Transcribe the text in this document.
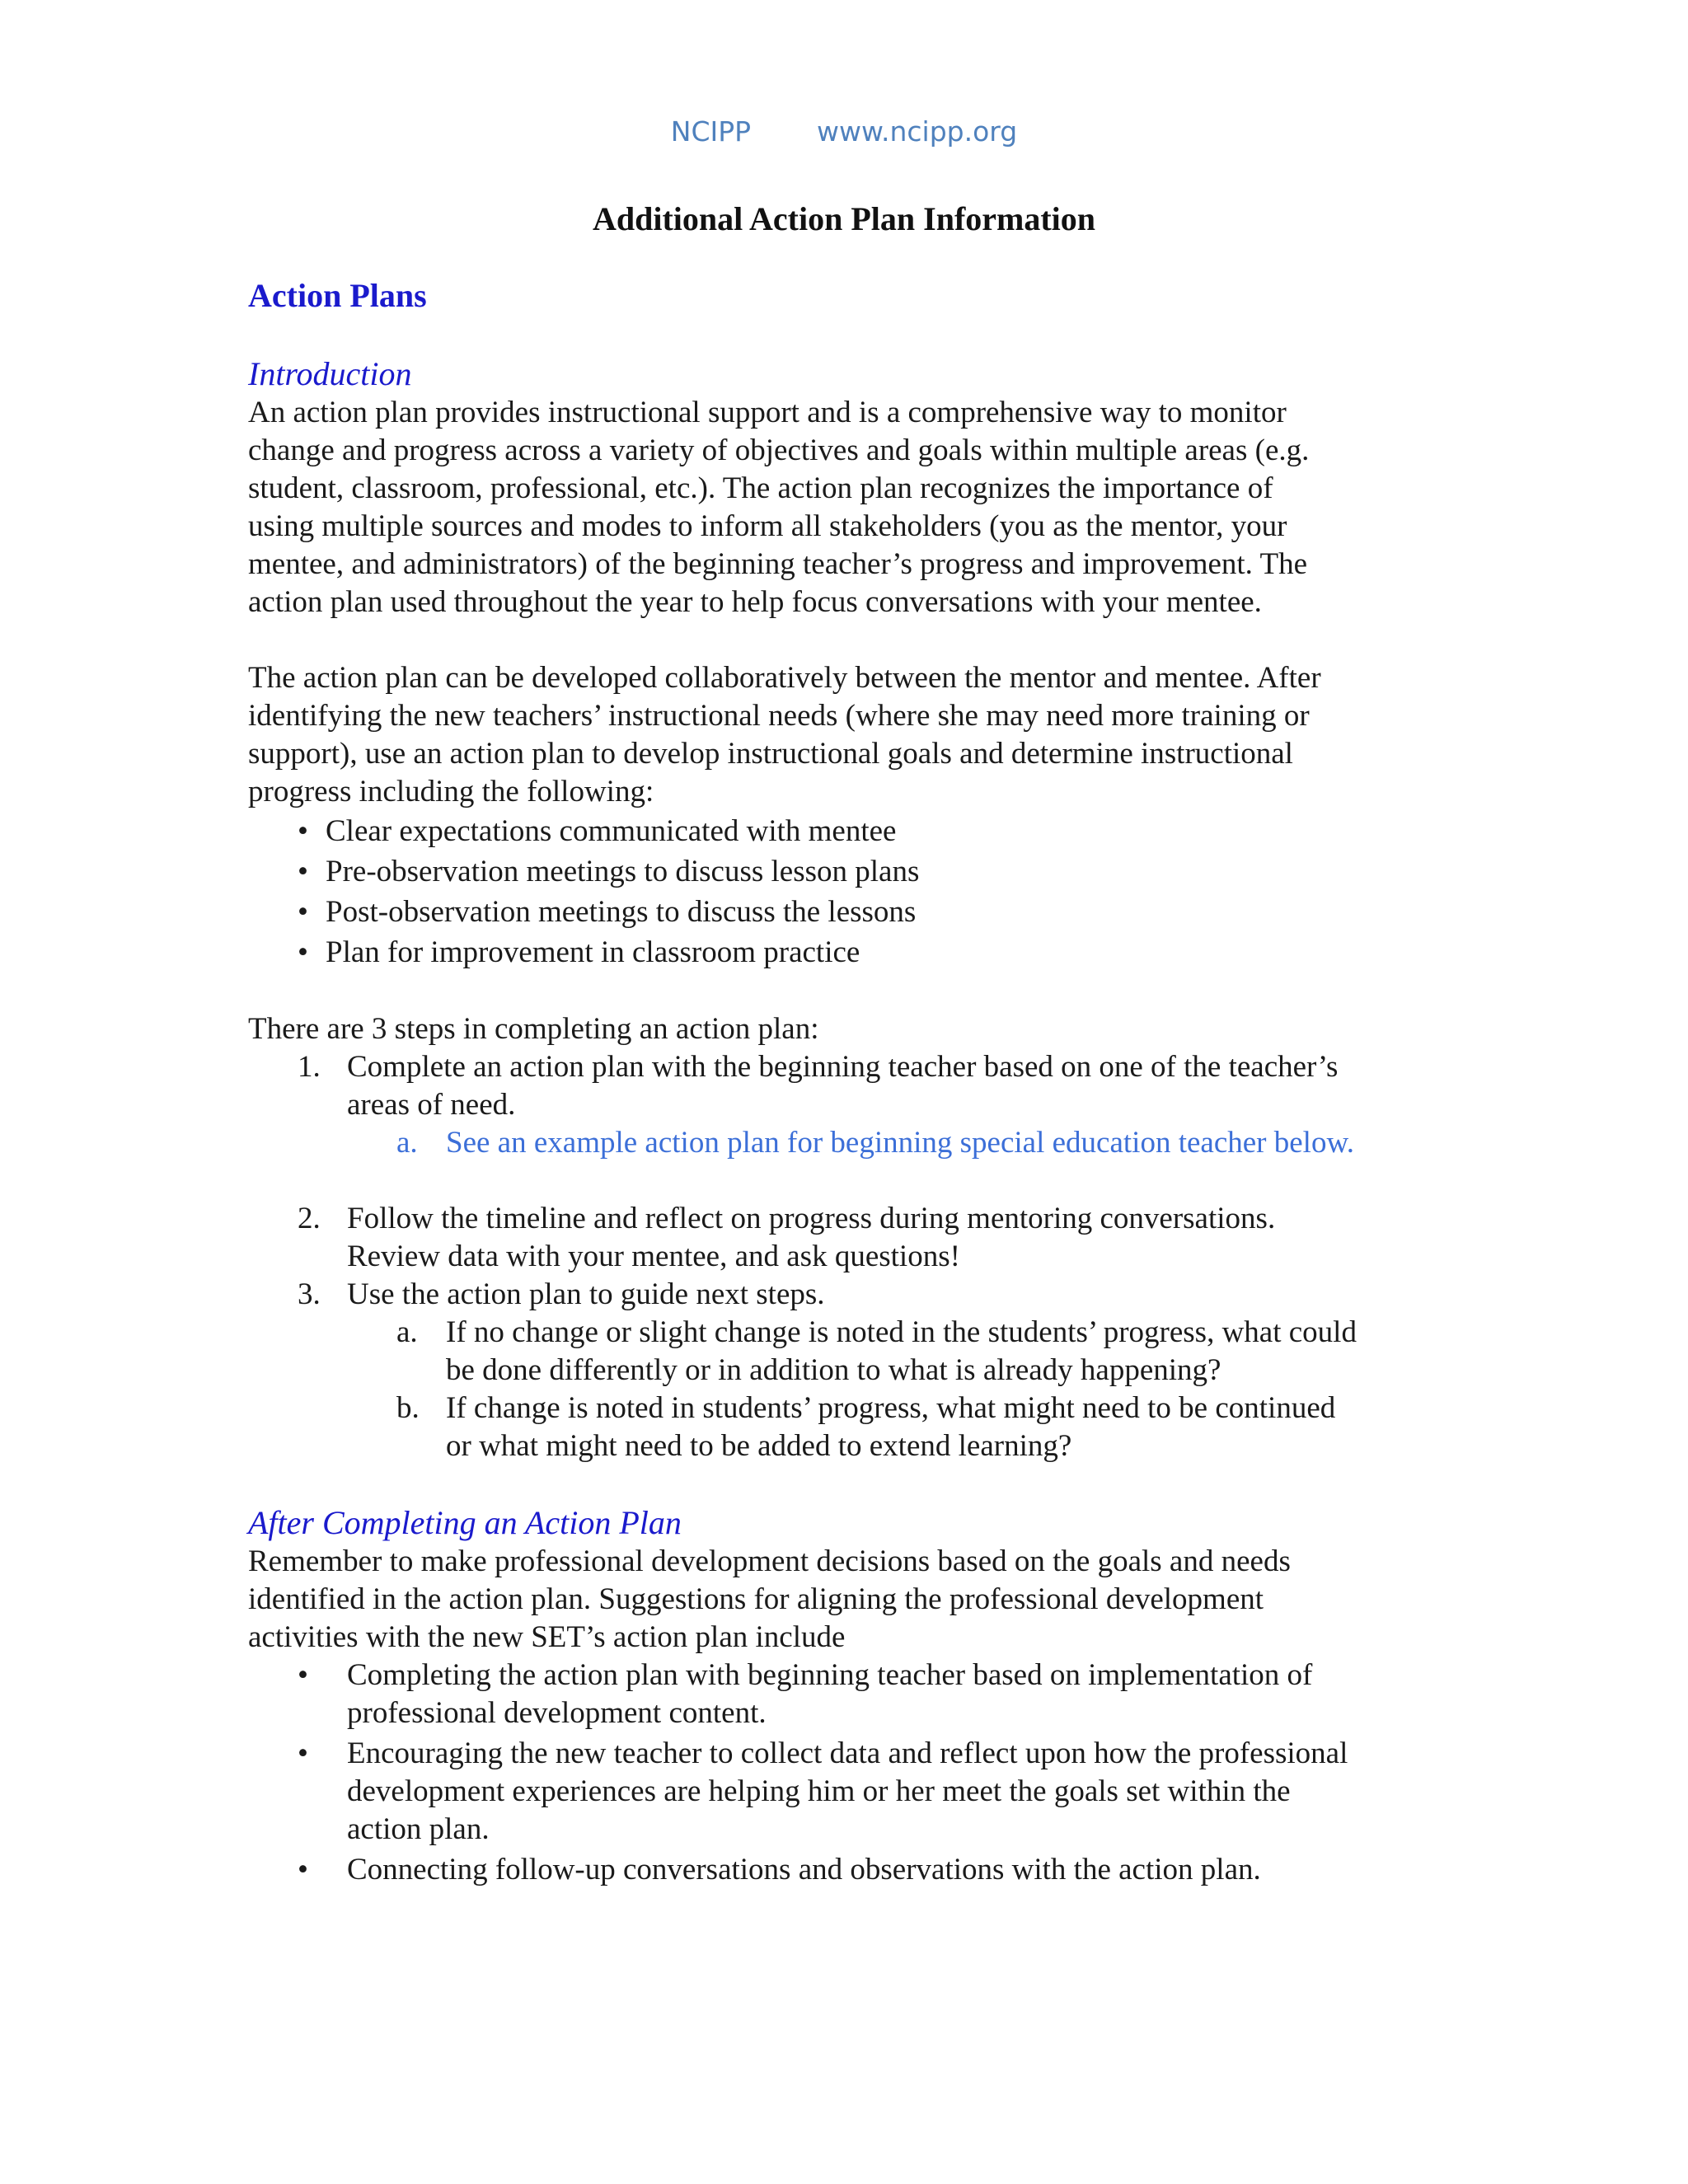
NCIPP www.ncipp.org
Additional Action Plan Information
Action Plans
Introduction

An action plan provides instructional support and is a comprehensive way to monitor
change and progress across a variety of objectives and goals within multiple areas (e.g.
student, classroom, professional, etc.). The action plan recognizes the importance of
using multiple sources and modes to inform all stakeholders (you as the mentor, your
mentee, and administrators) of the beginning teacher’s progress and improvement. The
action plan used throughout the year to help focus conversations with your mentee.

The action plan can be developed collaboratively between the mentor and mentee. After
identifying the new teachers’ instructional needs (where she may need more training or
support), use an action plan to develop instructional goals and determine instructional
progress including the following:

• Clear expectations communicated with mentee
• Pre-observation meetings to discuss lesson plans
• Post-observation meetings to discuss the lessons
• Plan for improvement in classroom practice

There are 3 steps in completing an action plan:

1. Complete an action plan with the beginning teacher based on one of the teacher’s
areas of need.
a. See an example action plan for beginning special education teacher below.
2. Follow the timeline and reflect on progress during mentoring conversations.
Review data with your mentee, and ask questions!
3. Use the action plan to guide next steps.
a. If no change or slight change is noted in the students’ progress, what could
be done differently or in addition to what is already happening?
b. If change is noted in students’ progress, what might need to be continued
or what might need to be added to extend learning?
After Completing an Action Plan

Remember to make professional development decisions based on the goals and needs
identified in the action plan. Suggestions for aligning the professional development
activities with the new SET’s action plan include

• Completing the action plan with beginning teacher based on implementation of
professional development content.
• Encouraging the new teacher to collect data and reflect upon how the professional
development experiences are helping him or her meet the goals set within the
action plan.
• Connecting follow-up conversations and observations with the action plan.
